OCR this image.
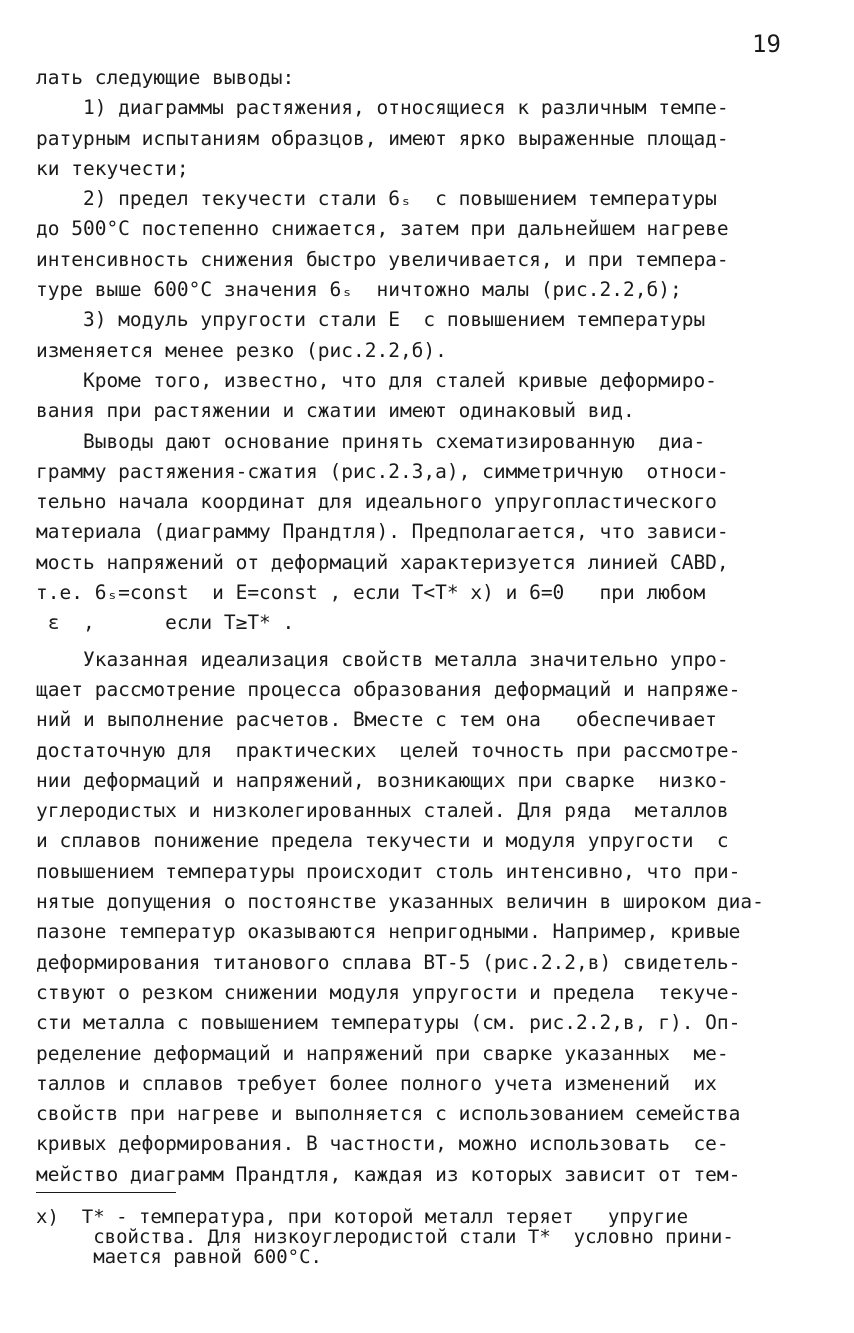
19
лать следующие выводы:
1) диаграммы растяжения, относящиеся к различным темпе-
ратурным испытаниям образцов, имеют ярко выраженные площад-
ки текучести;
2) предел текучести стали 6ₛ  с повышением температуры
до 500°С постепенно снижается, затем при дальнейшем нагреве
интенсивность снижения быстро увеличивается, и при темпера-
туре выше 600°С значения 6ₛ  ничтожно малы (рис.2.2,б);
3) модуль упругости стали E  с повышением температуры
изменяется менее резко (рис.2.2,б).
Кроме того, известно, что для сталей кривые деформиро-
вания при растяжении и сжатии имеют одинаковый вид.
Выводы дают основание принять схематизированную  диа-
грамму растяжения-сжатия (рис.2.3,а), симметричную  относи-
тельно начала координат для идеального упругопластического
материала (диаграмму Прандтля). Предполагается, что зависи-
мость напряжений от деформаций характеризуется линией CABD,
т.е. 6ₛ=const  и E=const , если T<T* x) и 6=0   при любом
ε  ,      если T≥T* .
Указанная идеализация свойств металла значительно упро-
щает рассмотрение процесса образования деформаций и напряже-
ний и выполнение расчетов. Вместе с тем она   обеспечивает
достаточную для  практических  целей точность при рассмотре-
нии деформаций и напряжений, возникающих при сварке  низко-
углеродистых и низколегированных сталей. Для ряда  металлов
и сплавов понижение предела текучести и модуля упругости  с
повышением температуры происходит столь интенсивно, что при-
нятые допущения о постоянстве указанных величин в широком диа-
пазоне температур оказываются непригодными. Например, кривые
деформирования титанового сплава ВТ-5 (рис.2.2,в) свидетель-
ствуют о резком снижении модуля упругости и предела  текуче-
сти металла с повышением температуры (см. рис.2.2,в, г). Оп-
ределение деформаций и напряжений при сварке указанных  ме-
таллов и сплавов требует более полного учета изменений  их
свойств при нагреве и выполняется с использованием семейства
кривых деформирования. В частности, можно использовать  се-
мейство диаграмм Прандтля, каждая из которых зависит от тем-
x)  T* - температура, при которой металл теряет   упругие
свойства. Для низкоуглеродистой стали T*  условно прини-
мается равной 600°С.
